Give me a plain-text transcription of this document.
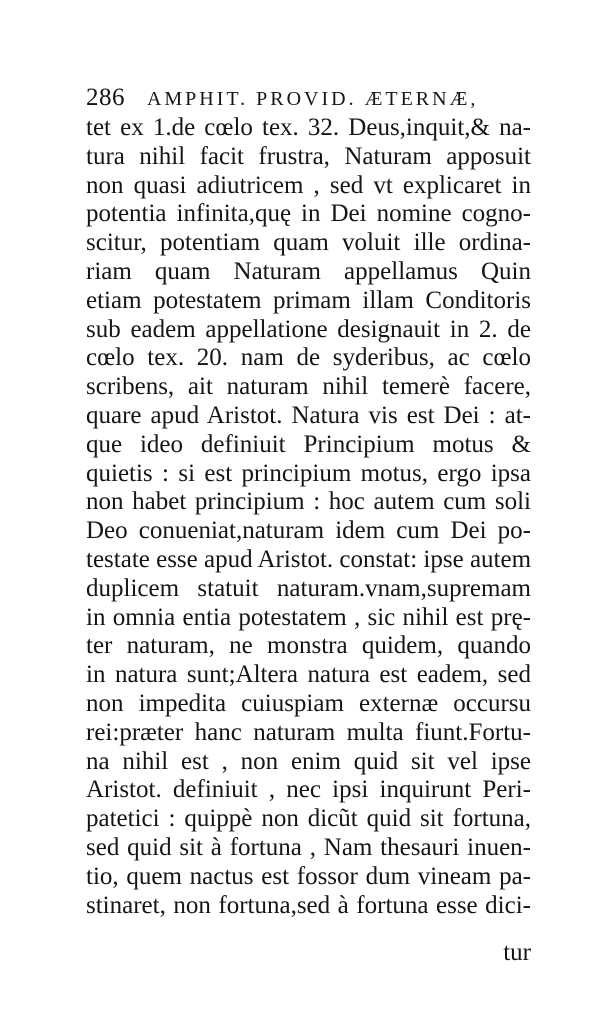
286 AMPHIT. PROVID. ÆTERNÆ,
tet ex 1.de cœlo tex. 32. Deus,inquit,& na-
tura nihil facit frustra, Naturam apposuit
non quasi adiutricem , sed vt explicaret in
potentia infinita,quę in Dei nomine cogno-
scitur, potentiam quam voluit ille ordina-
riam quam Naturam appellamus Quin
etiam potestatem primam illam Conditoris
sub eadem appellatione designauit in 2. de
cœlo tex. 20. nam de syderibus, ac cœlo
scribens, ait naturam nihil temerè facere,
quare apud Aristot. Natura vis est Dei : at-
que ideo definiuit Principium motus &
quietis : si est principium motus, ergo ipsa
non habet principium : hoc autem cum soli
Deo conueniat,naturam idem cum Dei po-
testate esse apud Aristot. constat: ipse autem
duplicem statuit naturam.vnam,supremam
in omnia entia potestatem , sic nihil est prę-
ter naturam, ne monstra quidem, quando
in natura sunt;Altera natura est eadem, sed
non impedita cuiuspiam externæ occursu
rei:præter hanc naturam multa fiunt.Fortu-
na nihil est , non enim quid sit vel ipse
Aristot. definiuit , nec ipsi inquirunt Peri-
patetici : quippè non dicũt quid sit fortuna,
sed quid sit à fortuna , Nam thesauri inuen-
tio, quem nactus est fossor dum vineam pa-
stinaret, non fortuna,sed à fortuna esse dici-
tur
